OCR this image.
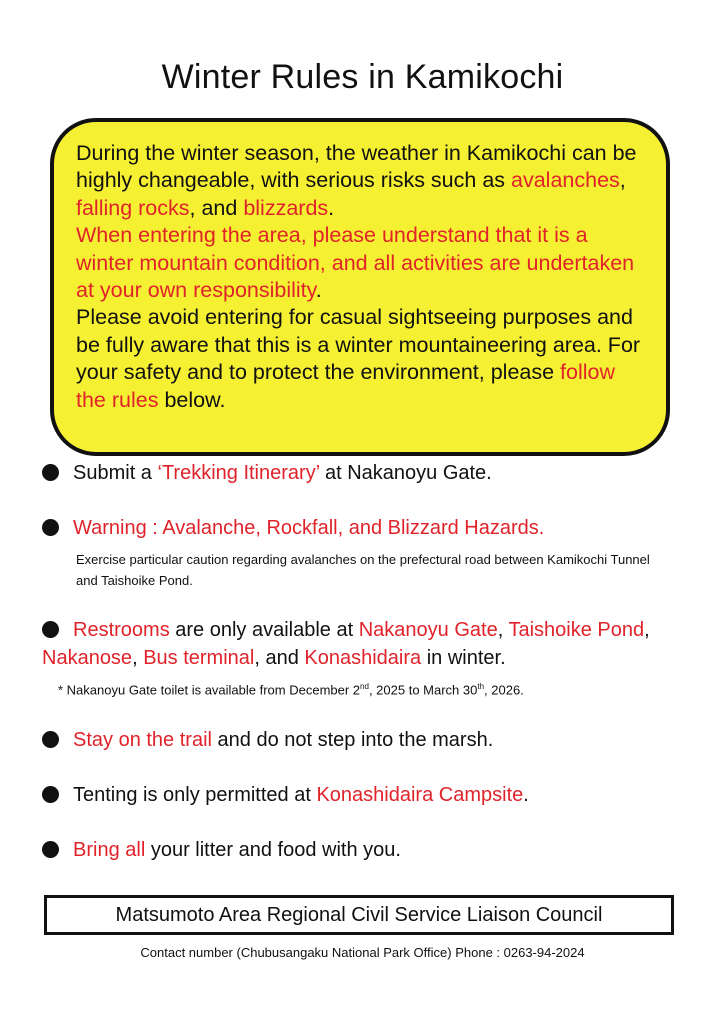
Winter Rules in Kamikochi

During the winter season, the weather in Kamikochi can be highly changeable, with serious risks such as avalanches, falling rocks, and blizzards.

When entering the area, please understand that it is a winter mountain condition, and all activities are undertaken at your own responsibility.

Please avoid entering for casual sightseeing purposes and be fully aware that this is a winter mountaineering area. For your safety and to protect the environment, please follow the rules below.

Submit a ‘Trekking Itinerary’ at Nakanoyu Gate.
Warning : Avalanche, Rockfall, and Blizzard Hazards.
Exercise particular caution regarding avalanches on the prefectural road between Kamikochi Tunnel and Taishoike Pond.
Restrooms are only available at Nakanoyu Gate, Taishoike Pond, Nakanose, Bus terminal, and Konashidaira in winter.
* Nakanoyu Gate toilet is available from December 2nd, 2025 to March 30th, 2026.
Stay on the trail and do not step into the marsh.
Tenting is only permitted at Konashidaira Campsite.
Bring all your litter and food with you.
Matsumoto Area Regional Civil Service Liaison Council
Contact number (Chubusangaku National Park Office) Phone : 0263-94-2024
